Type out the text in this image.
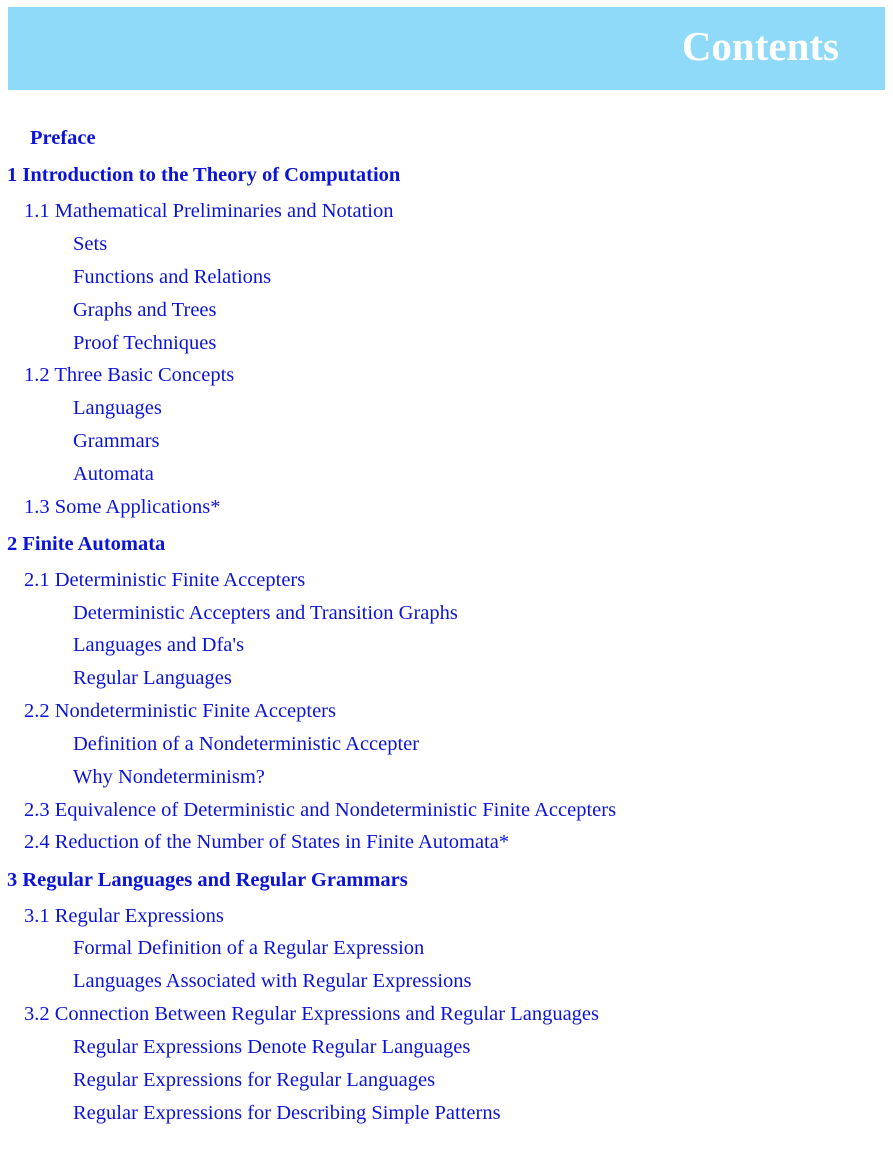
Contents
Preface
1 Introduction to the Theory of Computation
1.1 Mathematical Preliminaries and Notation
Sets
Functions and Relations
Graphs and Trees
Proof Techniques
1.2 Three Basic Concepts
Languages
Grammars
Automata
1.3 Some Applications*
2 Finite Automata
2.1 Deterministic Finite Accepters
Deterministic Accepters and Transition Graphs
Languages and Dfa's
Regular Languages
2.2 Nondeterministic Finite Accepters
Definition of a Nondeterministic Accepter
Why Nondeterminism?
2.3 Equivalence of Deterministic and Nondeterministic Finite Accepters
2.4 Reduction of the Number of States in Finite Automata*
3 Regular Languages and Regular Grammars
3.1 Regular Expressions
Formal Definition of a Regular Expression
Languages Associated with Regular Expressions
3.2 Connection Between Regular Expressions and Regular Languages
Regular Expressions Denote Regular Languages
Regular Expressions for Regular Languages
Regular Expressions for Describing Simple Patterns
